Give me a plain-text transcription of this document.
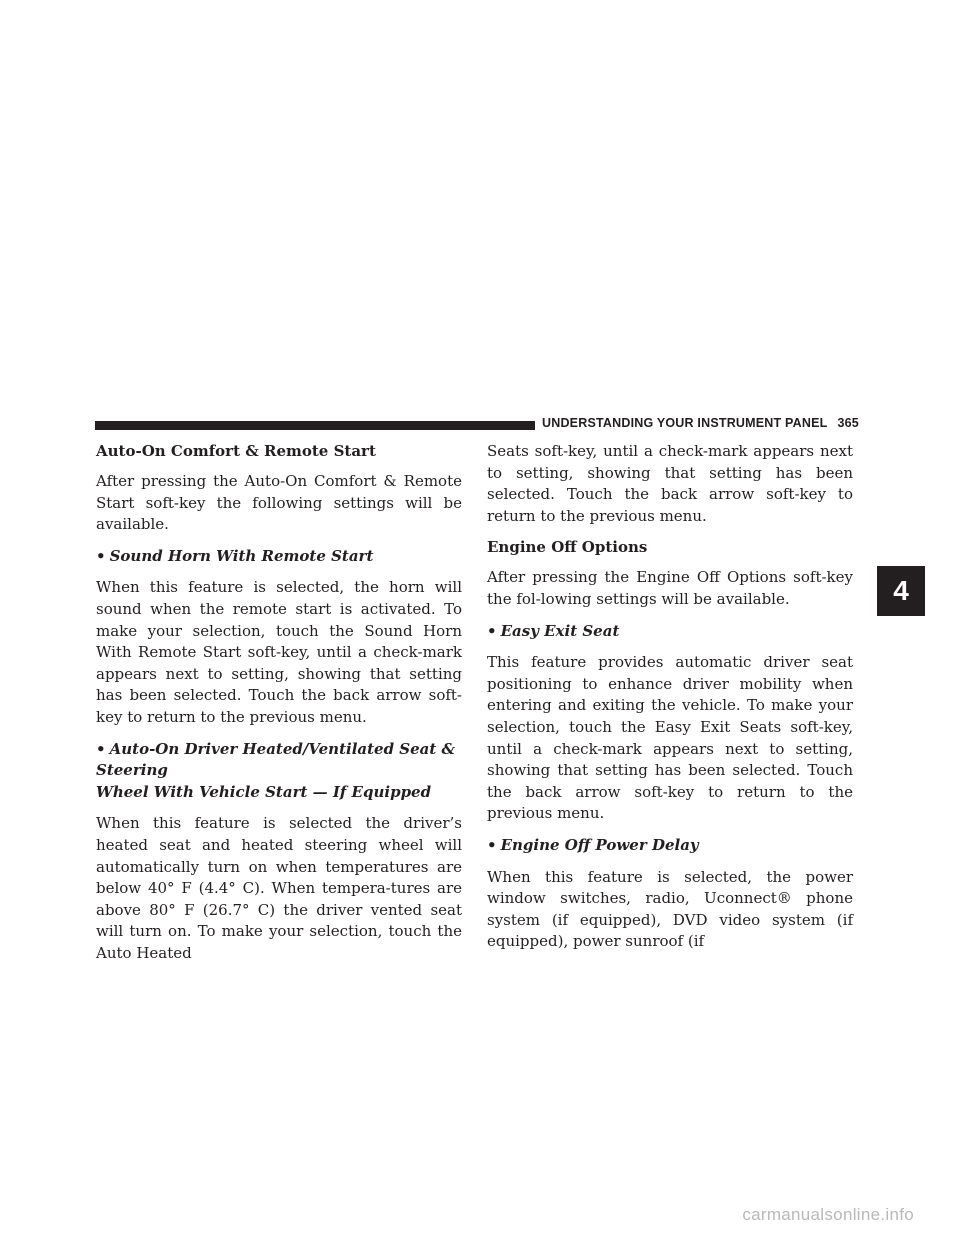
UNDERSTANDING YOUR INSTRUMENT PANEL 365
Auto-On Comfort & Remote Start

After pressing the Auto-On Comfort & Remote Start soft-key the following settings will be available.

• Sound Horn With Remote Start

When this feature is selected, the horn will sound when the remote start is activated. To make your selection, touch the Sound Horn With Remote Start soft-key, until a check-mark appears next to setting, showing that setting has been selected. Touch the back arrow soft-key to return to the previous menu.

• Auto-On Driver Heated/Ventilated Seat & Steering
Wheel With Vehicle Start — If Equipped

When this feature is selected the driver’s heated seat and heated steering wheel will automatically turn on when temperatures are below 40° F (4.4° C). When tempera-tures are above 80° F (26.7° C) the driver vented seat will turn on. To make your selection, touch the Auto Heated

Seats soft-key, until a check-mark appears next to setting, showing that setting has been selected. Touch the back arrow soft-key to return to the previous menu.

Engine Off Options

After pressing the Engine Off Options soft-key the fol-lowing settings will be available.

• Easy Exit Seat

This feature provides automatic driver seat positioning to enhance driver mobility when entering and exiting the vehicle. To make your selection, touch the Easy Exit Seats soft-key, until a check-mark appears next to setting, showing that setting has been selected. Touch the back arrow soft-key to return to the previous menu.

• Engine Off Power Delay

When this feature is selected, the power window switches, radio, Uconnect® phone system (if equipped), DVD video system (if equipped), power sunroof (if

4
carmanualsonline.info
